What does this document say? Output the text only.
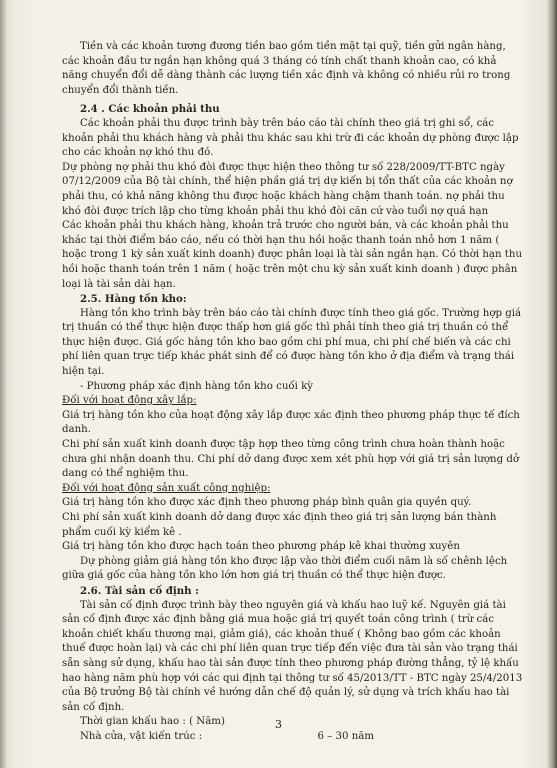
Tiền và các khoản tương đương tiền bao gồm tiền mặt tại quỹ, tiền gửi ngân hàng, các khoản đầu tư ngắn hạn không quá 3 tháng có tính chất thanh khoản cao, có khả năng chuyển đổi dễ dàng thành các lượng tiền xác định và không có nhiều rủi ro trong chuyển đổi thành tiền.

2.4 . Các khoản phải thu

Các khoản phải thu được trình bày trên báo cáo tài chính theo giá trị ghi sổ, các khoản phải thu khách hàng và phải thu khác sau khi trừ đi các khoản dự phòng được lập cho các khoản nợ khó thu đó.

Dự phòng nợ phải thu khó đòi được thực hiện theo thông tư số 228/2009/TT-BTC ngày 07/12/2009 của Bộ tài chính, thể hiện phần giá trị dự kiến bị tổn thất của các khoản nợ phải thu, có khả năng không thu được hoặc khách hàng chậm thanh toán. nợ phải thu khó đòi được trích lập cho từng khoản phải thu khó đòi căn cứ vào tuổi nợ quá hạn

Các khoản phải thu khách hàng, khoản trả trước cho người bán, và các khoản phải thu khác tại thời điểm báo cáo, nếu có thời hạn thu hồi hoặc thanh toán nhỏ hơn 1 năm ( hoặc trong 1 kỳ sản xuất kinh doanh) được phân loại là tài sản ngắn hạn. Có thời hạn thu hồi hoặc thanh toán trên 1 năm ( hoặc trên một chu kỳ sản xuất kinh doanh ) được phân loại là tài sản dài hạn.

2.5. Hàng tồn kho:

Hàng tồn kho trình bày trên báo cáo tài chính được tính theo giá gốc. Trường hợp giá trị thuần có thể thực hiện được thấp hơn giá gốc thì phải tính theo giá trị thuần có thể thực hiện được. Giá gốc hàng tồn kho bao gồm chi phí mua, chi phí chế biến và các chi phí liên quan trực tiếp khác phát sinh để có được hàng tồn kho ở địa điểm và trạng thái hiện tại.

- Phương pháp xác định hàng tồn kho cuối kỳ

Đối với hoạt động xây lắp:

Giá trị hàng tồn kho của hoạt động xây lắp được xác định theo phương pháp thực tế đích danh.

Chi phí sản xuất kinh doanh được tập hợp theo từng công trình chưa hoàn thành hoặc chưa ghi nhận doanh thu. Chi phí dở dang được xem xét phù hợp với giá trị sản lượng dở dang có thể nghiệm thu.

Đối với hoạt động sản xuất công nghiệp:

Giá trị hàng tồn kho được xác định theo phương pháp bình quân gia quyền quý.

Chi phí sản xuất kinh doanh dở dang được xác định theo giá trị sản lượng bán thành phẩm cuối kỳ kiểm kê .

Giá trị hàng tồn kho được hạch toán theo phương pháp kê khai thường xuyên

Dự phòng giảm giá hàng tồn kho được lập vào thời điểm cuối năm là số chênh lệch giữa giá gốc của hàng tồn kho lớn hơn giá trị thuần có thể thực hiện được.

2.6. Tài sản cố định :

Tài sản cố định được trình bày theo nguyên giá và khấu hao luỹ kế. Nguyên giá tài sản cố định được xác định bằng giá mua hoặc giá trị quyết toán công trình ( trừ các khoản chiết khấu thương mại, giảm giá), các khoản thuế ( Không bao gồm các khoản thuế được hoàn lại) và các chi phí liên quan trực tiếp đến việc đưa tài sản vào trạng thái sẵn sàng sử dụng, khấu hao tài sản được tính theo phương pháp đường thẳng, tỷ lệ khấu hao hàng năm phù hợp với các qui định tại thông tư số 45/2013/TT - BTC ngày 25/4/2013 của Bộ trưởng Bộ tài chính về hướng dẫn chế độ quản lý, sử dụng và trích khấu hao tài sản cố định.

Thời gian khấu hao : ( Năm)

Nhà cửa, vật kiến trúc :	6 – 30 năm
3
